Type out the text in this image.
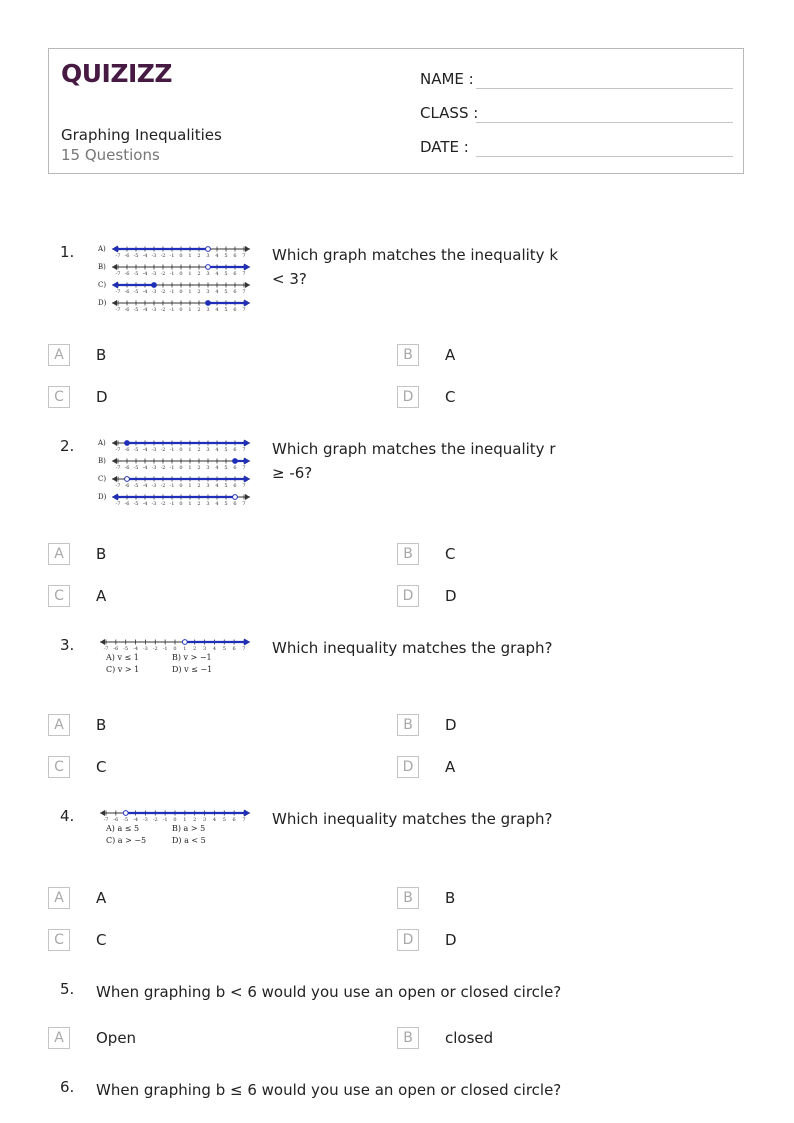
QUIZIZZ
Graphing Inequalities
15 Questions
NAME :
CLASS :
DATE :
1.	A)
-7 -6 -5 -4 -3 -2 -1 0 1 2 3 4 5 6 7
B)
-7 -6 -5 -4 -3 -2 -1 0 1 2 3 4 5 6 7
C)
-7 -6 -5 -4 -3 -2 -1 0 1 2 3 4 5 6 7
D)
-7 -6 -5 -4 -3 -2 -1 0 1 2 3 4 5 6 7
Which graph matches the inequality k < 3?
A	B	B	A
C	D	D	C
2.	A)
-7 -6 -5 -4 -3 -2 -1 0 1 2 3 4 5 6 7
B)
-7 -6 -5 -4 -3 -2 -1 0 1 2 3 4 5 6 7
C)
-7 -6 -5 -4 -3 -2 -1 0 1 2 3 4 5 6 7
D)
-7 -6 -5 -4 -3 -2 -1 0 1 2 3 4 5 6 7
Which graph matches the inequality r ≥ -6?
A	B	B	C
C	A	D	D
3.	-7 -6 -5 -4 -3 -2 -1 0 1 2 3 4 5 6 7
A) v ≤ 1	B) v > −1
C) v > 1	D) v ≤ −1
Which inequality matches the graph?
A	B	B	D
C	C	D	A
4.	-7 -6 -5 -4 -3 -2 -1 0 1 2 3 4 5 6 7
A) a ≤ 5	B) a > 5
C) a > −5	D) a < 5
Which inequality matches the graph?
A	A	B	B
C	C	D	D
5.	When graphing b < 6 would you use an open or closed circle?
A	Open	B	closed
6.	When graphing b ≤ 6 would you use an open or closed circle?
